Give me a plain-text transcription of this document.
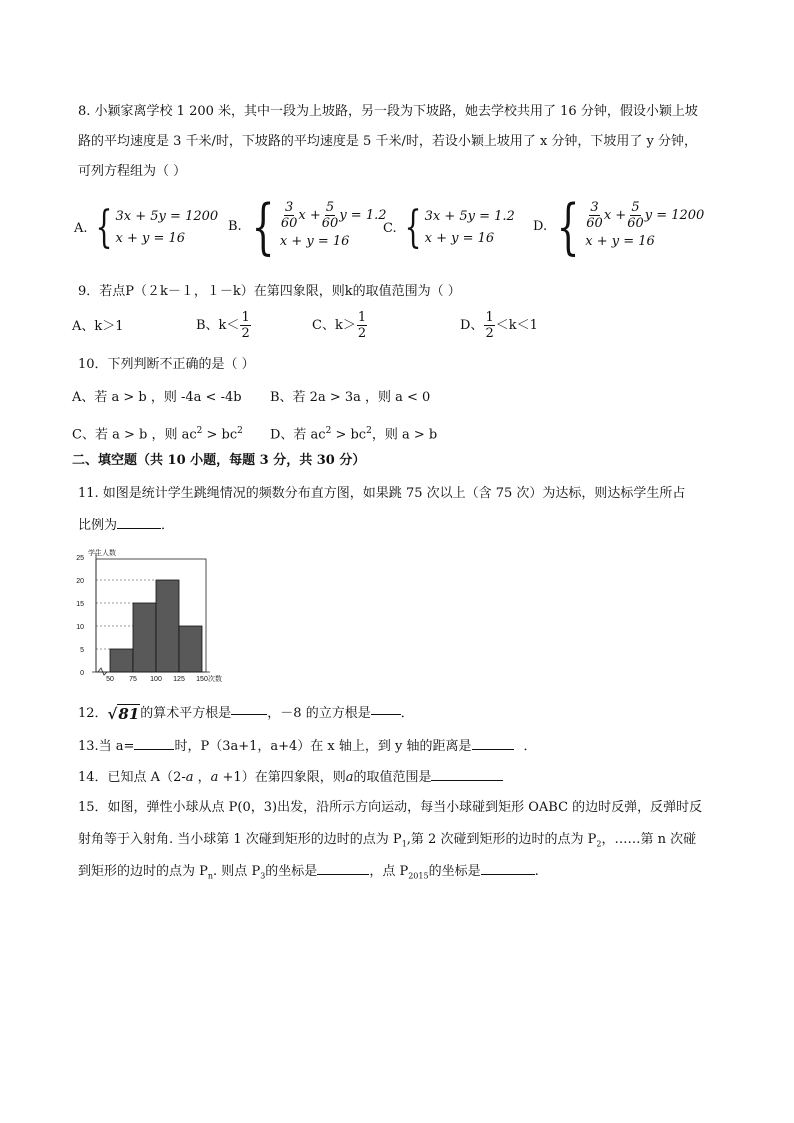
8. 小颖家离学校 1 200 米，其中一段为上坡路，另一段为下坡路，她去学校共用了 16 分钟，假设小颖上坡
路的平均速度是 3 千米/时，下坡路的平均速度是 5 千米/时，若设小颖上坡用了 x 分钟，下坡用了 y 分钟，
可列方程组为（ ）
A. { 3x + 5y = 1200
x + y = 16
B. { $\frac{3}{60}$ $x + \frac{5}{60}$ y = 1.2
x + y = 16
C. { 3x + 5y = 1.2
x + y = 16
D. { $\frac{3}{60}$ $x + \frac{5}{60}$ y = 1200
x + y = 16
9．若点P（２k－１，１－k）在第四象限，则k的取值范围为（ ）
A、k＞1	B、$k< \frac{1}{2}$	C、$k> \frac{1}{2}$	D、 $\frac{1}{2} <k<1$
10．下列判断不正确的是（ ）
A、若 a > b ，则 -4a < -4b B、若 2a > 3a ，则 a < 0
C、若 a > b ，则 $ac^2 > bc^2$ D、若 $ac^2 > bc^2$，则 a > b
二、填空题（共 10 小题，每题 3 分，共 30 分）
11. 如图是统计学生跳绳情况的频数分布直方图，如果跳 75 次以上（含 75 次）为达标，则达标学生所占
比例为	．
0
5
10
15
20
25
50 75 100 125 150 次数
学生人数
12． √81 的算术平方根是	，－8 的立方根是 ．
13.当 a=	时，P（3a+1，a+4）在 x 轴上，到 y 轴的距离是	．
14．已知点 A（2-a ，a +1）在第四象限，则a的取值范围是
15．如图，弹性小球从点 P(0，3)出发，沿所示方向运动，每当小球碰到矩形 OABC 的边时反弹，反弹时反
射角等于入射角. 当小球第 1 次碰到矩形的边时的点为 $P_1$,第 2 次碰到矩形的边时的点为 $P_2$，……第 n 次碰
到矩形的边时的点为 $P_n$. 则点 $P_3$的坐标是	，点 $P_{2015}$的坐标是	.
